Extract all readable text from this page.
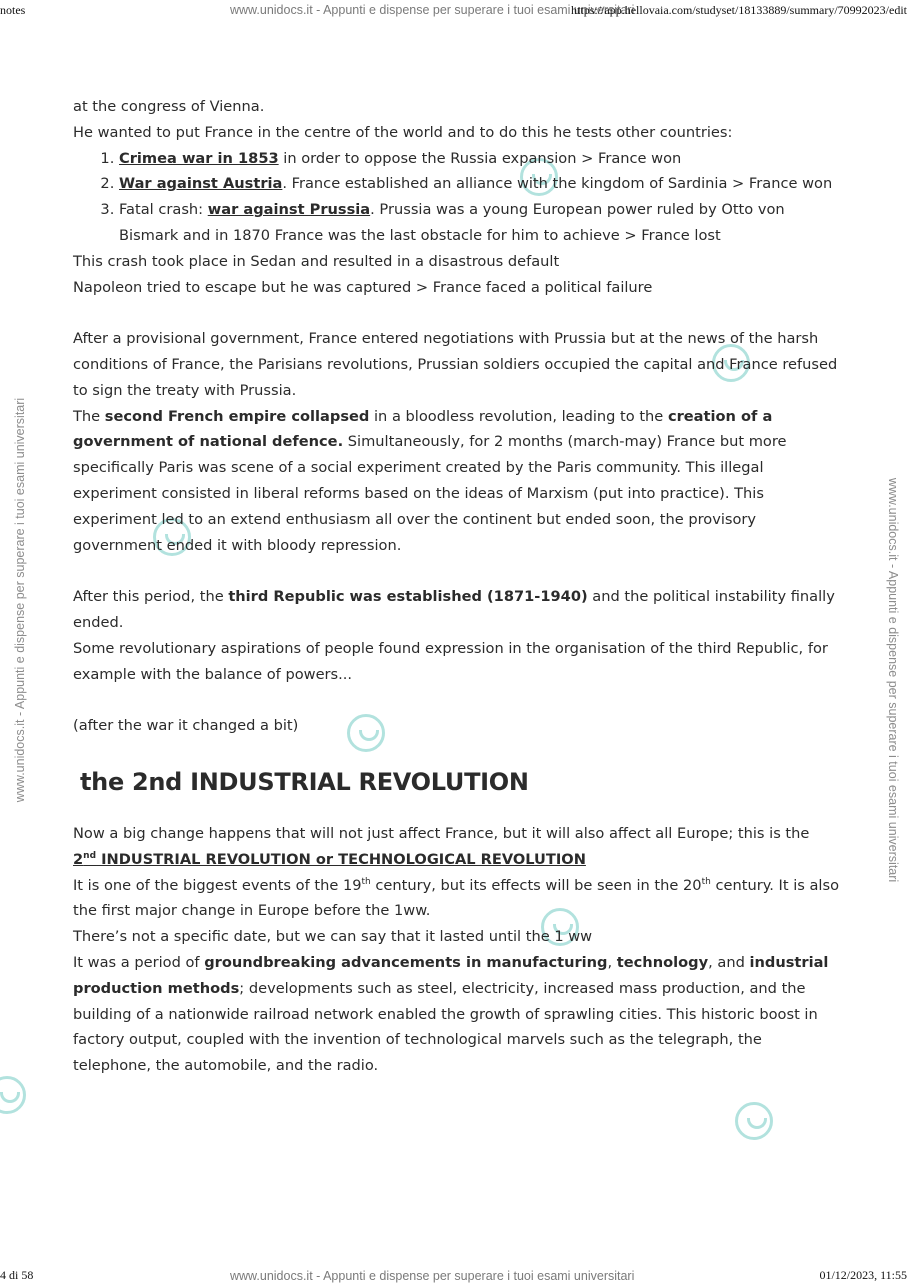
notes	www.unidocs.it - Appunti e dispense per superare i tuoi esami universitari
https://app.hellovaia.com/studyset/18133889/summary/70992023/edit
www.unidocs.it - Appunti e dispense per superare i tuoi esami universitari	www.unidocs.it - Appunti e dispense per superare i tuoi esami universitari

at the congress of Vienna.

He wanted to put France in the centre of the world and to do this he tests other countries:

1. Crimea war in 1853 in order to oppose the Russia expansion > France won
2. War against Austria. France established an alliance with the kingdom of Sardinia > France won
3. Fatal crash: war against Prussia. Prussia was a young European power ruled by Otto von Bismark and in 1870 France was the last obstacle for him to achieve > France lost

This crash took place in Sedan and resulted in a disastrous default

Napoleon tried to escape but he was captured > France faced a political failure

After a provisional government, France entered negotiations with Prussia but at the news of the harsh conditions of France, the Parisians revolutions, Prussian soldiers occupied the capital and France refused to sign the treaty with Prussia.

The second French empire collapsed in a bloodless revolution, leading to the creation of a government of national defence. Simultaneously, for 2 months (march-may) France but more specifically Paris was scene of a social experiment created by the Paris community. This illegal experiment consisted in liberal reforms based on the ideas of Marxism (put into practice). This experiment led to an extend enthusiasm all over the continent but ended soon, the provisory government ended it with bloody repression.

After this period, the third Republic was established (1871-1940) and the political instability finally ended.

Some revolutionary aspirations of people found expression in the organisation of the third Republic, for example with the balance of powers...

(after the war it changed a bit)

the 2nd INDUSTRIAL REVOLUTION

Now a big change happens that will not just affect France, but it will also affect all Europe; this is the

2nd INDUSTRIAL REVOLUTION or TECHNOLOGICAL REVOLUTION

It is one of the biggest events of the 19th century, but its effects will be seen in the 20th century. It is also the first major change in Europe before the 1ww.

There’s not a specific date, but we can say that it lasted until the 1 ww

It was a period of groundbreaking advancements in manufacturing, technology, and industrial production methods; developments such as steel, electricity, increased mass production, and the building of a nationwide railroad network enabled the growth of sprawling cities. This historic boost in factory output, coupled with the invention of technological marvels such as the telegraph, the telephone, the automobile, and the radio.

4 di 58	www.unidocs.it - Appunti e dispense per superare i tuoi esami universitari	01/12/2023, 11:55
